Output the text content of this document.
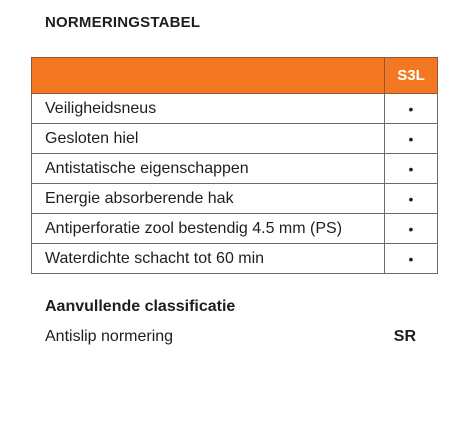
NORMERINGSTABEL
	S3L
Veiligheidsneus	•
Gesloten hiel	•
Antistatische eigenschappen	•
Energie absorberende hak	•
Antiperforatie zool bestendig 4.5 mm (PS)	•
Waterdichte schacht tot 60 min	•
Aanvullende classificatie
Antislip normering	SR
